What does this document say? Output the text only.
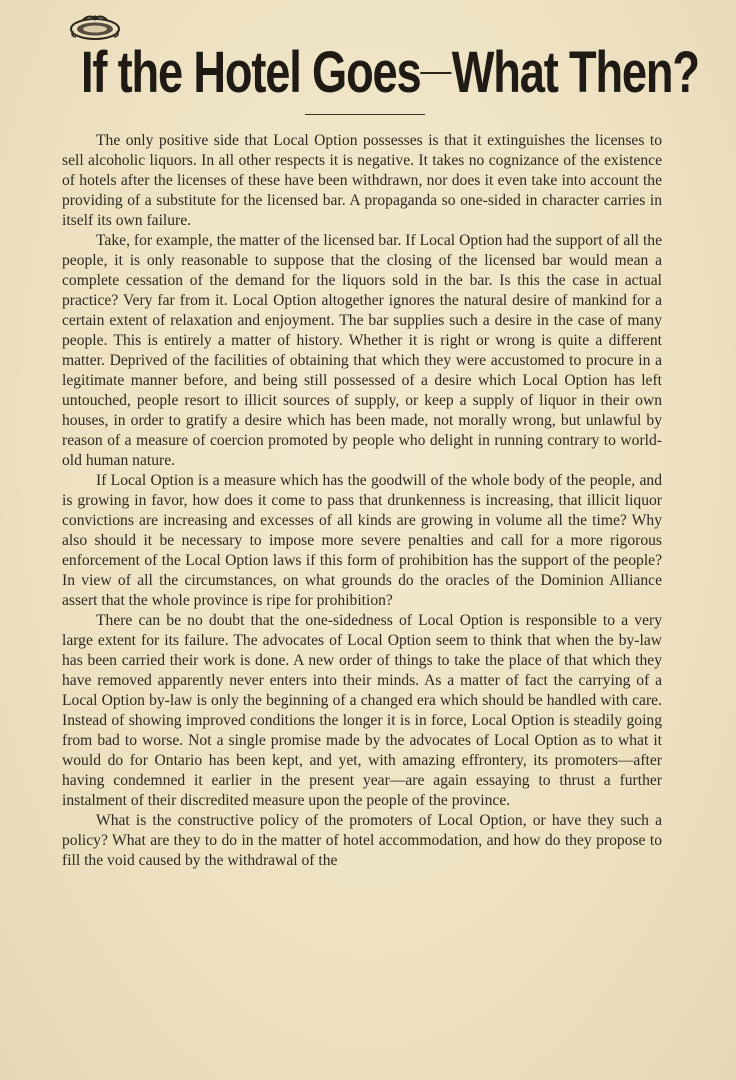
If the Hotel Goes What Then?

The only positive side that Local Option possesses is that it extinguishes the licenses to sell alcoholic liquors. In all other respects it is negative. It takes no cognizance of the existence of hotels after the licenses of these have been withdrawn, nor does it even take into account the providing of a substitute for the licensed bar. A propaganda so one-sided in character carries in itself its own failure.

Take, for example, the matter of the licensed bar. If Local Option had the support of all the people, it is only reasonable to suppose that the closing of the licensed bar would mean a complete cessation of the demand for the liquors sold in the bar. Is this the case in actual practice? Very far from it. Local Option altogether ignores the natural desire of mankind for a certain extent of relaxation and enjoyment. The bar supplies such a desire in the case of many people. This is entirely a matter of history. Whether it is right or wrong is quite a different matter. Deprived of the facilities of obtaining that which they were accustomed to procure in a legitimate manner before, and being still possessed of a desire which Local Option has left untouched, people resort to illicit sources of supply, or keep a supply of liquor in their own houses, in order to gratify a desire which has been made, not morally wrong, but unlawful by reason of a measure of coercion promoted by people who delight in running contrary to world-old human nature.

If Local Option is a measure which has the goodwill of the whole body of the people, and is growing in favor, how does it come to pass that drunkenness is increasing, that illicit liquor convictions are increasing and excesses of all kinds are growing in volume all the time? Why also should it be necessary to impose more severe penalties and call for a more rigorous enforcement of the Local Option laws if this form of prohibition has the support of the people? In view of all the circumstances, on what grounds do the oracles of the Dominion Alliance assert that the whole province is ripe for prohibition?

There can be no doubt that the one-sidedness of Local Option is responsible to a very large extent for its failure. The advocates of Local Option seem to think that when the by-law has been carried their work is done. A new order of things to take the place of that which they have removed apparently never enters into their minds. As a matter of fact the carrying of a Local Option by-law is only the beginning of a changed era which should be handled with care. Instead of showing improved conditions the longer it is in force, Local Option is steadily going from bad to worse. Not a single promise made by the advocates of Local Option as to what it would do for Ontario has been kept, and yet, with amazing effrontery, its promoters—after having condemned it earlier in the present year—are again essaying to thrust a further instalment of their discredited measure upon the people of the province.

What is the constructive policy of the promoters of Local Option, or have they such a policy? What are they to do in the matter of hotel accommodation, and how do they propose to fill the void caused by the withdrawal of the
